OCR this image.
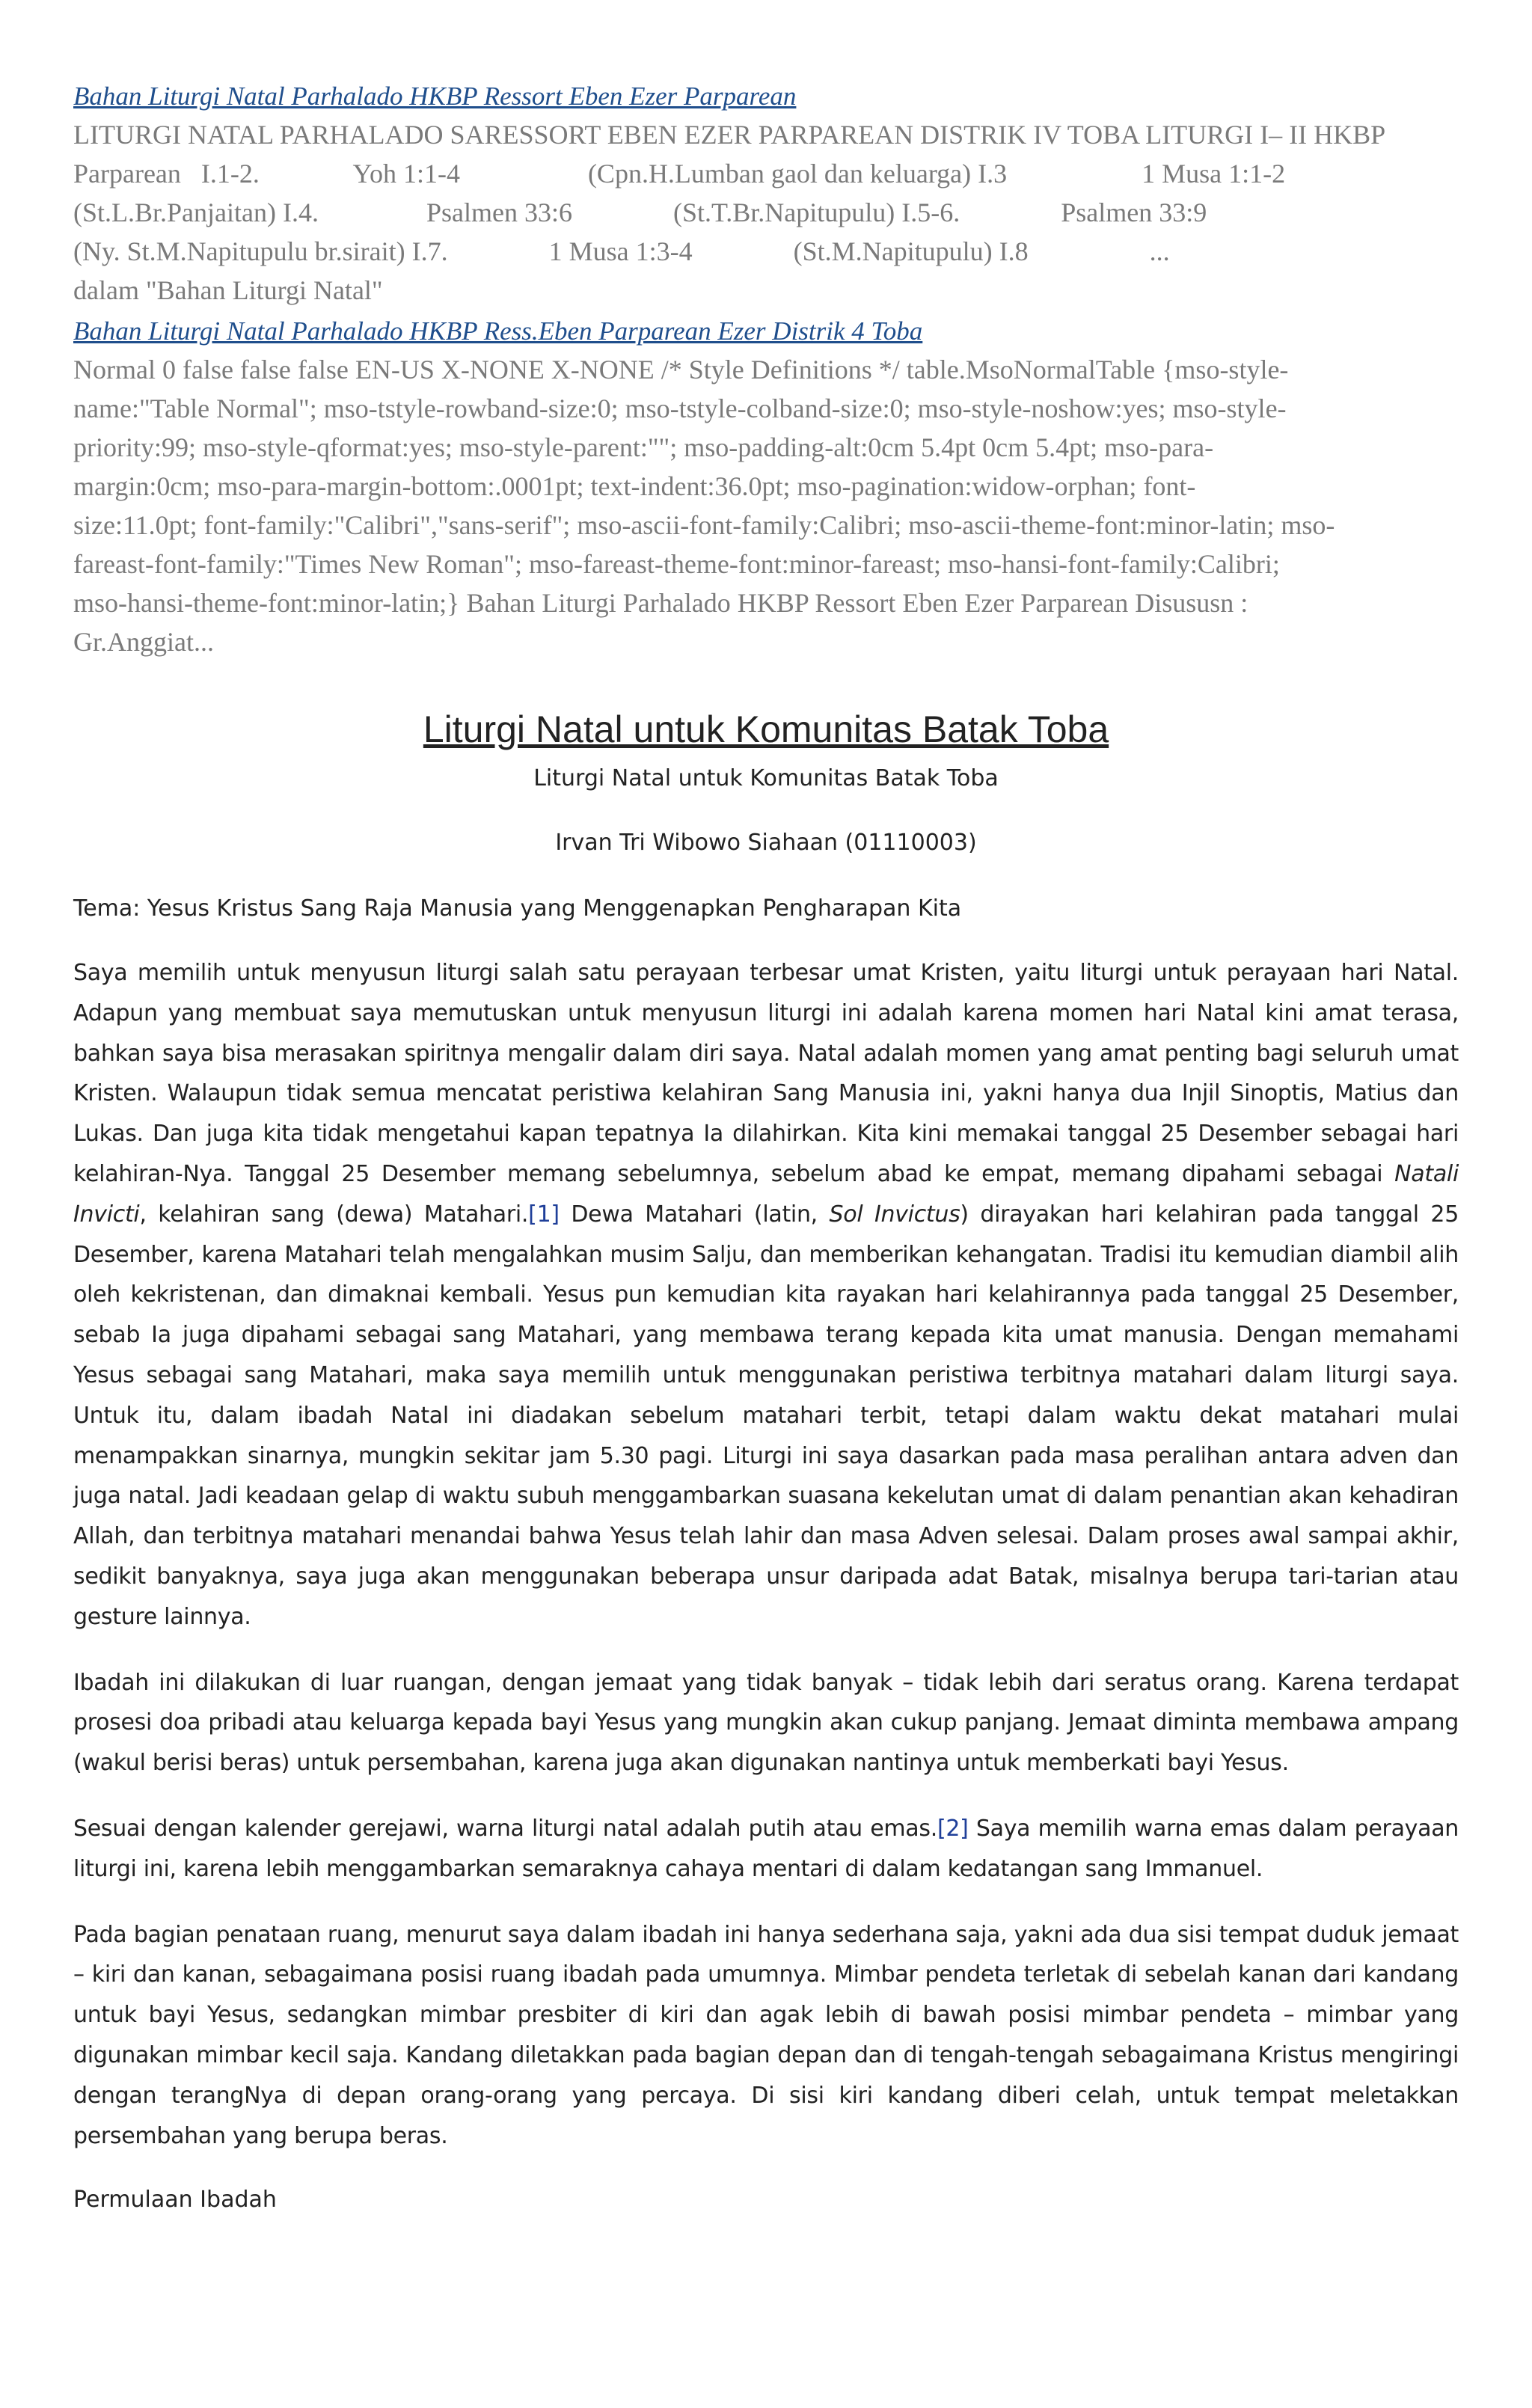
Bahan Liturgi Natal Parhalado HKBP Ressort Eben Ezer Parparean
LITURGI NATAL PARHALADO SARESSORT EBEN EZER PARPAREAN DISTRIK IV TOBA LITURGI I– II HKBP
Parparean   I.1-2.              Yoh 1:1-4                   (Cpn.H.Lumban gaol dan keluarga) I.3                    1 Musa 1:1-2
(St.L.Br.Panjaitan) I.4.                Psalmen 33:6               (St.T.Br.Napitupulu) I.5-6.               Psalmen 33:9
(Ny. St.M.Napitupulu br.sirait) I.7.               1 Musa 1:3-4               (St.M.Napitupulu) I.8                  ...
dalam "Bahan Liturgi Natal"
Bahan Liturgi Natal Parhalado HKBP Ress.Eben Parparean Ezer Distrik 4 Toba
Normal 0 false false false EN-US X-NONE X-NONE /* Style Definitions */ table.MsoNormalTable {mso-style-
name:"Table Normal"; mso-tstyle-rowband-size:0; mso-tstyle-colband-size:0; mso-style-noshow:yes; mso-style-
priority:99; mso-style-qformat:yes; mso-style-parent:""; mso-padding-alt:0cm 5.4pt 0cm 5.4pt; mso-para-
margin:0cm; mso-para-margin-bottom:.0001pt; text-indent:36.0pt; mso-pagination:widow-orphan; font-
size:11.0pt; font-family:"Calibri","sans-serif"; mso-ascii-font-family:Calibri; mso-ascii-theme-font:minor-latin; mso-
fareast-font-family:"Times New Roman"; mso-fareast-theme-font:minor-fareast; mso-hansi-font-family:Calibri;
mso-hansi-theme-font:minor-latin;} Bahan Liturgi Parhalado HKBP Ressort Eben Ezer Parparean Disususn :
Gr.Anggiat...
Liturgi Natal untuk Komunitas Batak Toba
Liturgi Natal untuk Komunitas Batak Toba
Irvan Tri Wibowo Siahaan (01110003)
Tema: Yesus Kristus Sang Raja Manusia yang Menggenapkan Pengharapan Kita

Saya memilih untuk menyusun liturgi salah satu perayaan terbesar umat Kristen, yaitu liturgi untuk perayaan hari Natal. Adapun yang membuat saya memutuskan untuk menyusun liturgi ini adalah karena momen hari Natal kini amat terasa, bahkan saya bisa merasakan spiritnya mengalir dalam diri saya. Natal adalah momen yang amat penting bagi seluruh umat Kristen. Walaupun tidak semua mencatat peristiwa kelahiran Sang Manusia ini, yakni hanya dua Injil Sinoptis, Matius dan Lukas. Dan juga kita tidak mengetahui kapan tepatnya Ia dilahirkan. Kita kini memakai tanggal 25 Desember sebagai hari kelahiran-Nya. Tanggal 25 Desember memang sebelumnya, sebelum abad ke empat, memang dipahami sebagai Natali Invicti, kelahiran sang (dewa) Matahari.[1] Dewa Matahari (latin, Sol Invictus) dirayakan hari kelahiran pada tanggal 25 Desember, karena Matahari telah mengalahkan musim Salju, dan memberikan kehangatan. Tradisi itu kemudian diambil alih oleh kekristenan, dan dimaknai kembali. Yesus pun kemudian kita rayakan hari kelahirannya pada tanggal 25 Desember, sebab Ia juga dipahami sebagai sang Matahari, yang membawa terang kepada kita umat manusia. Dengan memahami Yesus sebagai sang Matahari, maka saya memilih untuk menggunakan peristiwa terbitnya matahari dalam liturgi saya. Untuk itu, dalam ibadah Natal ini diadakan sebelum matahari terbit, tetapi dalam waktu dekat matahari mulai menampakkan sinarnya, mungkin sekitar jam 5.30 pagi. Liturgi ini saya dasarkan pada masa peralihan antara adven dan juga natal. Jadi keadaan gelap di waktu subuh menggambarkan suasana kekelutan umat di dalam penantian akan kehadiran Allah, dan terbitnya matahari menandai bahwa Yesus telah lahir dan masa Adven selesai. Dalam proses awal sampai akhir, sedikit banyaknya, saya juga akan menggunakan beberapa unsur daripada adat Batak, misalnya berupa tari-tarian atau gesture lainnya.

Ibadah ini dilakukan di luar ruangan, dengan jemaat yang tidak banyak – tidak lebih dari seratus orang. Karena terdapat prosesi doa pribadi atau keluarga kepada bayi Yesus yang mungkin akan cukup panjang. Jemaat diminta membawa ampang (wakul berisi beras) untuk persembahan, karena juga akan digunakan nantinya untuk memberkati bayi Yesus.

Sesuai dengan kalender gerejawi, warna liturgi natal adalah putih atau emas.[2] Saya memilih warna emas dalam perayaan liturgi ini, karena lebih menggambarkan semaraknya cahaya mentari di dalam kedatangan sang Immanuel.

Pada bagian penataan ruang, menurut saya dalam ibadah ini hanya sederhana saja, yakni ada dua sisi tempat duduk jemaat – kiri dan kanan, sebagaimana posisi ruang ibadah pada umumnya. Mimbar pendeta terletak di sebelah kanan dari kandang untuk bayi Yesus, sedangkan mimbar presbiter di kiri dan agak lebih di bawah posisi mimbar pendeta – mimbar yang digunakan mimbar kecil saja. Kandang diletakkan pada bagian depan dan di tengah-tengah sebagaimana Kristus mengiringi dengan terangNya di depan orang-orang yang percaya. Di sisi kiri kandang diberi celah, untuk tempat meletakkan persembahan yang berupa beras.

Permulaan Ibadah
